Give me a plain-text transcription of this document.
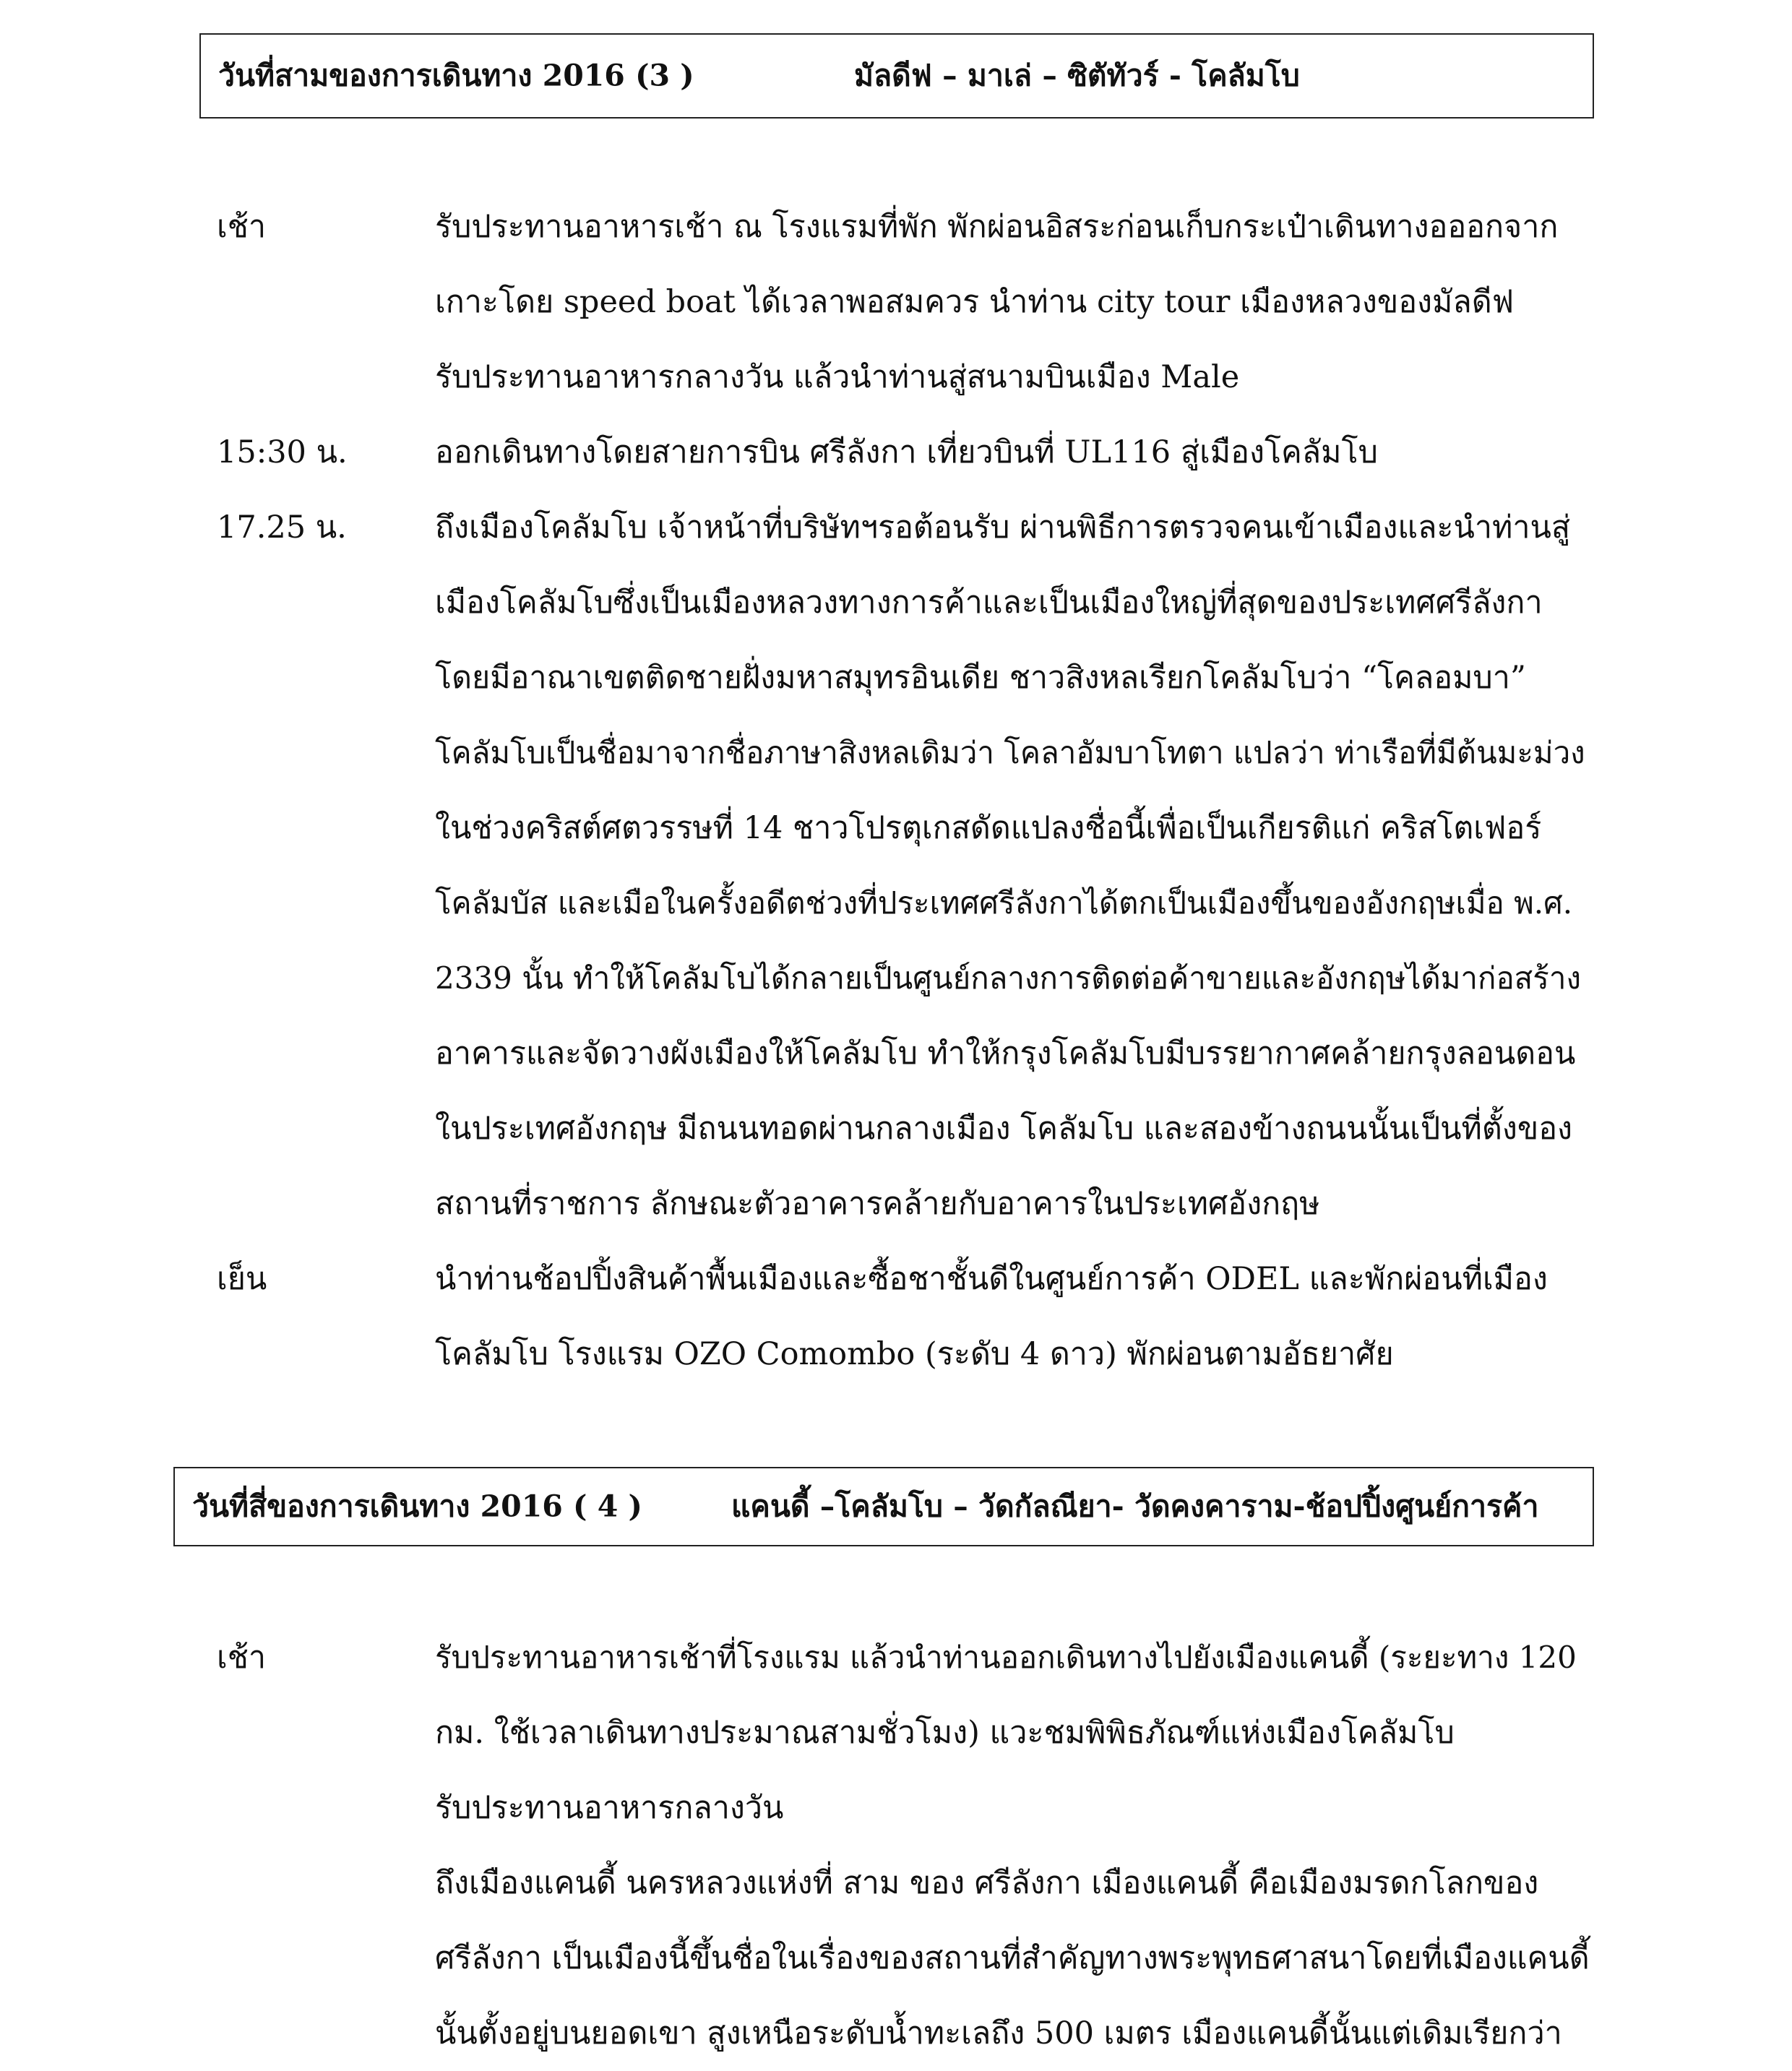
วันที่สามของการเดินทาง 2016 (3 )	มัลดีฟ – มาเล่ – ซิตัทัวร์ - โคลัมโบ
เช้า	รับประทานอาหารเช้า ณ โรงแรมที่พัก พักผ่อนอิสระก่อนเก็บกระเป๋าเดินทางอออกจาก
เกาะโดย speed boat ได้เวลาพอสมควร นำท่าน city tour เมืองหลวงของมัลดีฟ
รับประทานอาหารกลางวัน แล้วนำท่านสู่สนามบินเมือง Male
15:30 น.	ออกเดินทางโดยสายการบิน ศรีลังกา เที่ยวบินที่ UL116 สู่เมืองโคลัมโบ
17.25 น.	ถึงเมืองโคลัมโบ เจ้าหน้าที่บริษัทฯรอต้อนรับ ผ่านพิธีการตรวจคนเข้าเมืองและนำท่านสู่
เมืองโคลัมโบซึ่งเป็นเมืองหลวงทางการค้าและเป็นเมืองใหญ่ที่สุดของประเทศศรีลังกา
โดยมีอาณาเขตติดชายฝั่งมหาสมุทรอินเดีย ชาวสิงหลเรียกโคลัมโบว่า “โคลอมบา”
โคลัมโบเป็นชื่อมาจากชื่อภาษาสิงหลเดิมว่า โคลาอัมบาโทตา แปลว่า ท่าเรือที่มีต้นมะม่วง
ในช่วงคริสต์ศตวรรษที่ 14 ชาวโปรตุเกสดัดแปลงชื่อนี้เพื่อเป็นเกียรติแก่ คริสโตเฟอร์
โคลัมบัส และเมือในครั้งอดีตช่วงที่ประเทศศรีลังกาได้ตกเป็นเมืองขึ้นของอังกฤษเมื่อ พ.ศ.
2339 นั้น ทำให้โคลัมโบได้กลายเป็นศูนย์กลางการติดต่อค้าขายและอังกฤษได้มาก่อสร้าง
อาคารและจัดวางผังเมืองให้โคลัมโบ ทำให้กรุงโคลัมโบมีบรรยากาศคล้ายกรุงลอนดอน
ในประเทศอังกฤษ มีถนนทอดผ่านกลางเมือง โคลัมโบ และสองข้างถนนนั้นเป็นที่ตั้งของ
สถานที่ราชการ ลักษณะตัวอาคารคล้ายกับอาคารในประเทศอังกฤษ
เย็น	นำท่านช้อปปิ้งสินค้าพื้นเมืองและซื้อชาชั้นดีในศูนย์การค้า ODEL และพักผ่อนที่เมือง
โคลัมโบ โรงแรม OZO Comombo (ระดับ 4 ดาว) พักผ่อนตามอัธยาศัย
วันที่สี่ของการเดินทาง 2016 ( 4 )	แคนดี้ –โคลัมโบ – วัดกัลณียา- วัดคงคาราม-ช้อปปิ้งศูนย์การค้า
เช้า	รับประทานอาหารเช้าที่โรงแรม แล้วนำท่านออกเดินทางไปยังเมืองแคนดี้ (ระยะทาง 120
กม. ใช้เวลาเดินทางประมาณสามชั่วโมง) แวะชมพิพิธภัณฑ์แห่งเมืองโคลัมโบ
รับประทานอาหารกลางวัน
ถึงเมืองแคนดี้ นครหลวงแห่งที่ สาม ของ ศรีลังกา เมืองแคนดี้ คือเมืองมรดกโลกของ
ศรีลังกา เป็นเมืองนี้ขึ้นชื่อในเรื่องของสถานที่สำคัญทางพระพุทธศาสนาโดยที่เมืองแคนดี้
นั้นตั้งอยู่บนยอดเขา สูงเหนือระดับน้ำทะเลถึง 500 เมตร เมืองแคนดี้นั้นแต่เดิมเรียกว่า
